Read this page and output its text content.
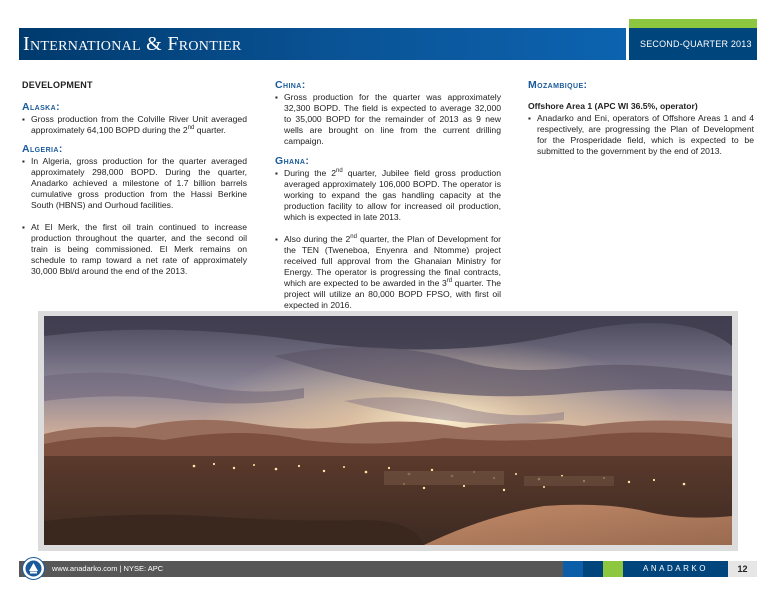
International & Frontier	SECOND-QUARTER 2013
DEVELOPMENT
Alaska:
▪ Gross production from the Colville River Unit averaged approximately 64,100 BOPD during the 2nd quarter.
Algeria:
▪ In Algeria, gross production for the quarter averaged approximately 298,000 BOPD. During the quarter, Anadarko achieved a milestone of 1.7 billion barrels cumulative gross production from the Hassi Berkine South (HBNS) and Ourhoud facilities.
▪ At El Merk, the first oil train continued to increase production throughout the quarter, and the second oil train is being commissioned. El Merk remains on schedule to ramp toward a net rate of approximately 30,000 Bbl/d around the end of the 2013.
China:
▪ Gross production for the quarter was approximately 32,300 BOPD. The field is expected to average 32,000 to 35,000 BOPD for the remainder of 2013 as 9 new wells are brought on line from the current drilling campaign.
Ghana:
▪ During the 2nd quarter, Jubilee field gross production averaged approximately 106,000 BOPD. The operator is working to expand the gas handling capacity at the production facility to allow for increased oil production, which is expected in late 2013.
▪ Also during the 2nd quarter, the Plan of Development for the TEN (Tweneboa, Enyenra and Ntomme) project received full approval from the Ghanaian Ministry for Energy. The operator is progressing the final contracts, which are expected to be awarded in the 3rd quarter. The project will utilize an 80,000 BOPD FPSO, with first oil expected in 2016.
Mozambique:
Offshore Area 1 (APC WI 36.5%, operator)
▪ Anadarko and Eni, operators of Offshore Areas 1 and 4 respectively, are progressing the Plan of Development for the Prosperidade field, which is expected to be submitted to the government by the end of 2013.
ANADARKO	12
www.anadarko.com | NYSE: APC
